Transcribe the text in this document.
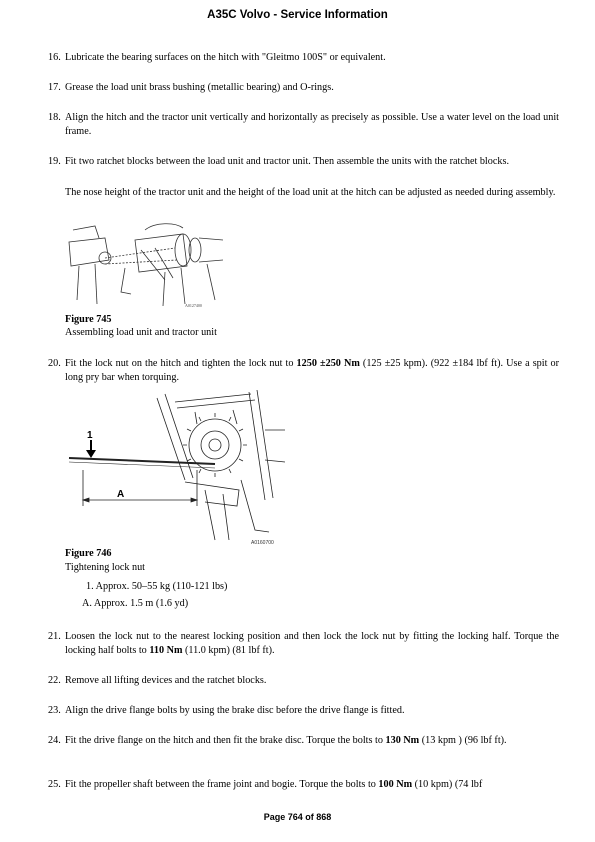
A35C Volvo - Service Information
16. Lubricate the bearing surfaces on the hitch with "Gleitmo 100S" or equivalent.
17. Grease the load unit brass bushing (metallic bearing) and O-rings.
18. Align the hitch and the tractor unit vertically and horizontally as precisely as possible. Use a water level on the load unit frame.
19. Fit two ratchet blocks between the load unit and tractor unit. Then assemble the units with the ratchet blocks.
The nose height of the tractor unit and the height of the load unit at the hitch can be adjusted as needed during assembly.
A0127400
Figure 745
Assembling load unit and tractor unit
20. Fit the lock nut on the hitch and tighten the lock nut to 1250 ±250 Nm (125 ±25 kpm). (922 ±184 lbf ft). Use a spit or long pry bar when torquing.
1
A
A0160700
Figure 746
Tightening lock nut
1. Approx. 50–55 kg (110-121 lbs)
A. Approx. 1.5 m (1.6 yd)
21. Loosen the lock nut to the nearest locking position and then lock the lock nut by fitting the locking half. Torque the locking half bolts to 110 Nm (11.0 kpm) (81 lbf ft).
22. Remove all lifting devices and the ratchet blocks.
23. Align the drive flange bolts by using the brake disc before the drive flange is fitted.
24. Fit the drive flange on the hitch and then fit the brake disc. Torque the bolts to 130 Nm (13 kpm ) (96 lbf ft).
25. Fit the propeller shaft between the frame joint and bogie. Torque the bolts to 100 Nm (10 kpm) (74 lbf
Page 764 of 868
